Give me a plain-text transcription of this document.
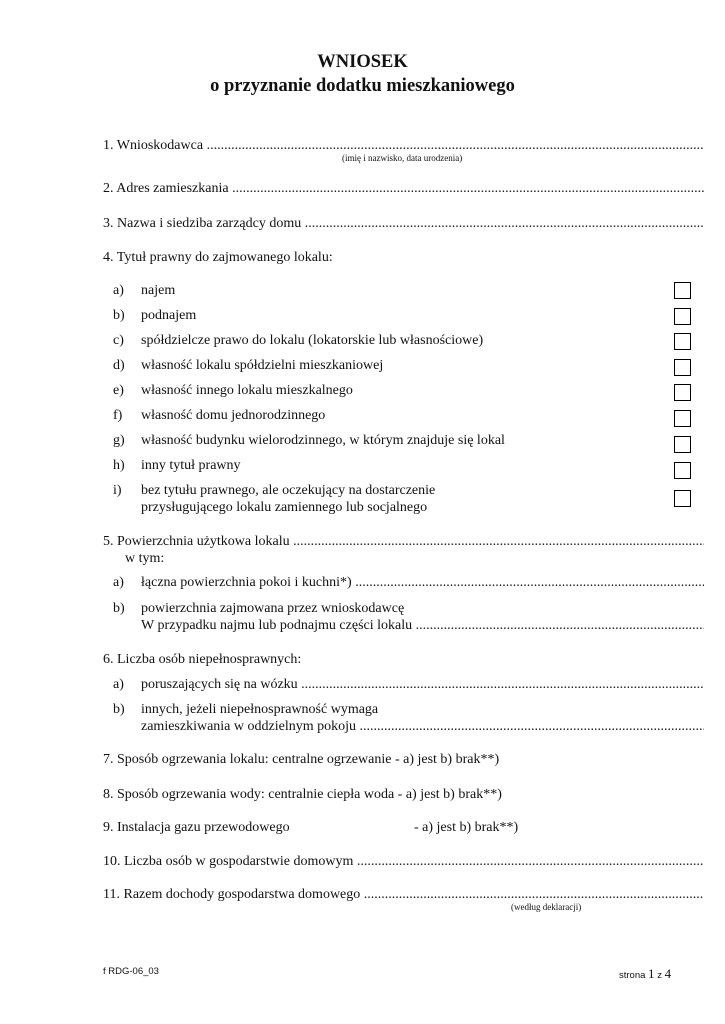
WNIOSEK
o przyznanie dodatku mieszkaniowego
1. Wnioskodawca .....
(imię i nazwisko, data urodzenia)
2. Adres zamieszkania .....
3. Nazwa i siedziba zarządcy domu .....
4. Tytuł prawny do zajmowanego lokalu:
a) najem
b) podnajem
c) spółdzielcze prawo do lokalu (lokatorskie lub własnościowe)
d) własność lokalu spółdzielni mieszkaniowej
e) własność innego lokalu mieszkalnego
f) własność domu jednorodzinnego
g) własność budynku wielorodzinnego, w którym znajduje się lokal
h) inny tytuł prawny
i) bez tytułu prawnego, ale oczekujący na dostarczenie
przysługującego lokalu zamiennego lub socjalnego
5. Powierzchnia użytkowa lokalu .....
w tym:
a) łączna powierzchnia pokoi i kuchni*) .....
b) powierzchnia zajmowana przez wnioskodawcę
W przypadku najmu lub podnajmu części lokalu .....
6. Liczba osób niepełnosprawnych:
a) poruszających się na wózku .....
b) innych, jeżeli niepełnosprawność wymaga
zamieszkiwania w oddzielnym pokoju .....
7. Sposób ogrzewania lokalu: centralne ogrzewanie - a) jest b) brak**)
8. Sposób ogrzewania wody: centralnie ciepła woda - a) jest b) brak**)
9. Instalacja gazu przewodowego	- a) jest b) brak**)
10. Liczba osób w gospodarstwie domowym .....
11. Razem dochody gospodarstwa domowego .....
(według deklaracji)
f RDG-06_03	strona 1 z 4
